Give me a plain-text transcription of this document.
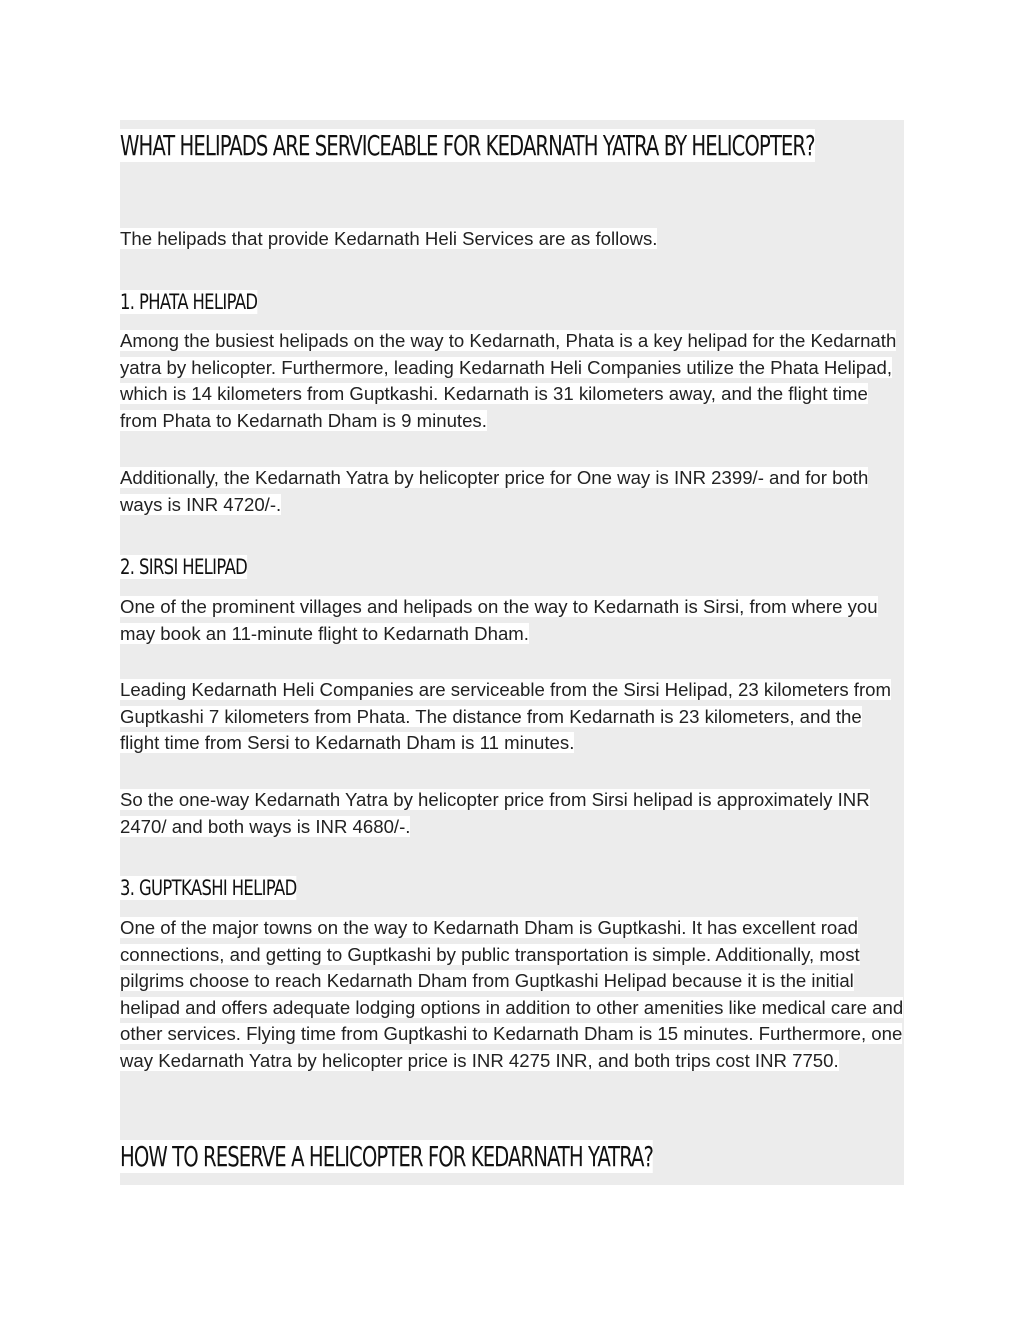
WHAT HELIPADS ARE SERVICEABLE FOR KEDARNATH YATRA BY HELICOPTER?

The helipads that provide Kedarnath Heli Services are as follows.

1. PHATA HELIPAD

Among the busiest helipads on the way to Kedarnath, Phata is a key helipad for the Kedarnath yatra by helicopter. Furthermore, leading Kedarnath Heli Companies utilize the Phata Helipad, which is 14 kilometers from Guptkashi. Kedarnath is 31 kilometers away, and the flight time from Phata to Kedarnath Dham is 9 minutes.

Additionally, the Kedarnath Yatra by helicopter price for One way is INR 2399/- and for both ways is INR 4720/-.

2. SIRSI HELIPAD

One of the prominent villages and helipads on the way to Kedarnath is Sirsi, from where you may book an 11-minute flight to Kedarnath Dham.

Leading Kedarnath Heli Companies are serviceable from the Sirsi Helipad, 23 kilometers from Guptkashi 7 kilometers from Phata. The distance from Kedarnath is 23 kilometers, and the flight time from Sersi to Kedarnath Dham is 11 minutes.

So the one-way Kedarnath Yatra by helicopter price from Sirsi helipad is approximately INR 2470/ and both ways is INR 4680/-.

3. GUPTKASHI HELIPAD

One of the major towns on the way to Kedarnath Dham is Guptkashi. It has excellent road connections, and getting to Guptkashi by public transportation is simple. Additionally, most pilgrims choose to reach Kedarnath Dham from Guptkashi Helipad because it is the initial helipad and offers adequate lodging options in addition to other amenities like medical care and other services. Flying time from Guptkashi to Kedarnath Dham is 15 minutes. Furthermore, one way Kedarnath Yatra by helicopter price is INR 4275 INR, and both trips cost INR 7750.

HOW TO RESERVE A HELICOPTER FOR KEDARNATH YATRA?
